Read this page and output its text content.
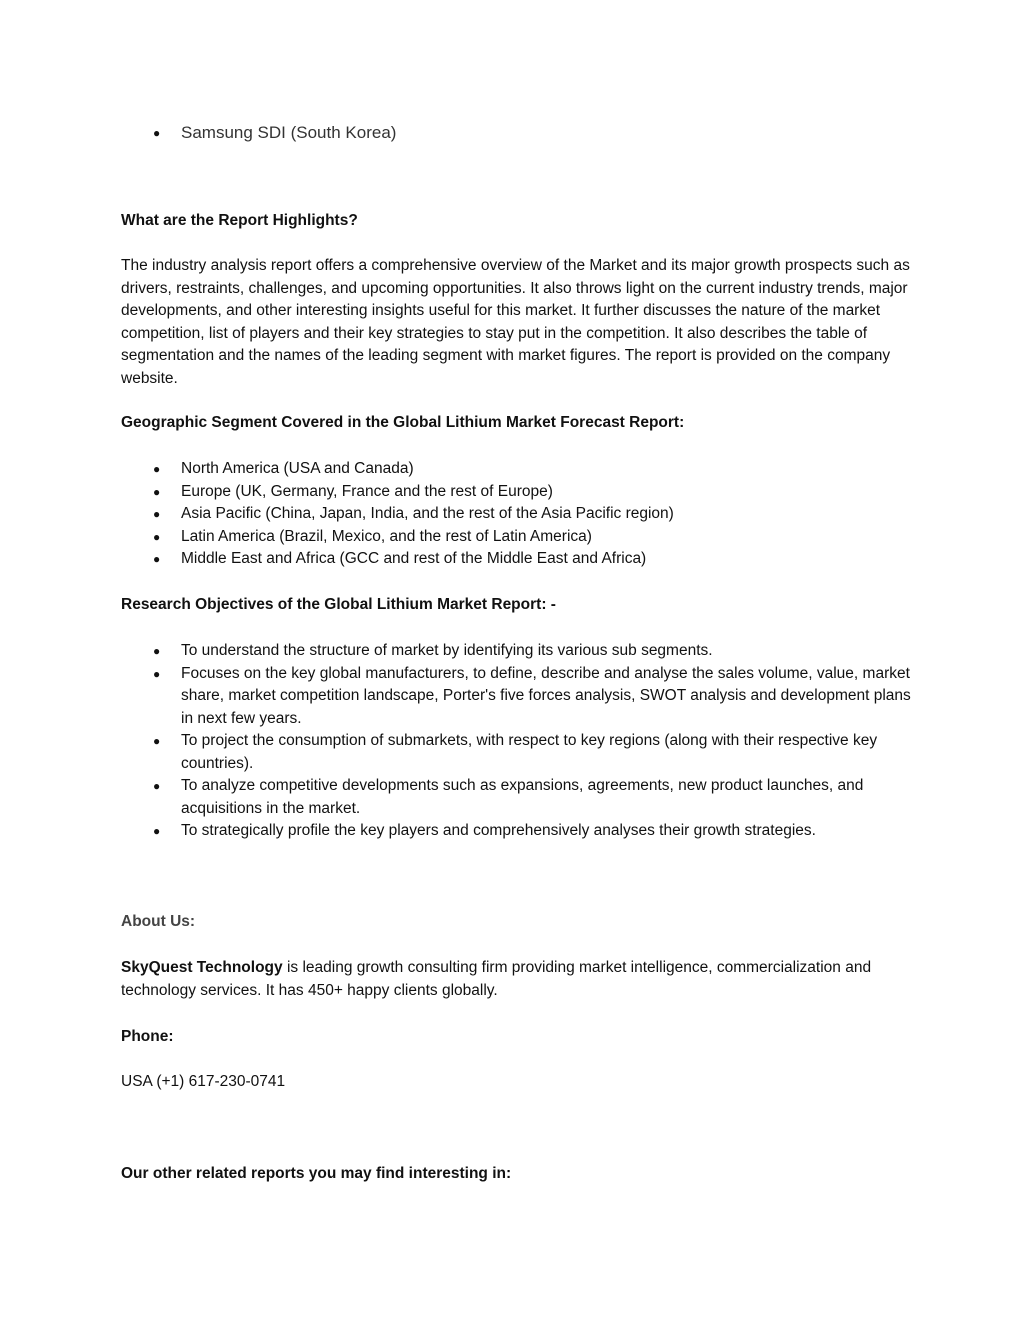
● Samsung SDI (South Korea)

What are the Report Highlights?

The industry analysis report offers a comprehensive overview of the Market and its major growth prospects such as drivers, restraints, challenges, and upcoming opportunities. It also throws light on the current industry trends, major developments, and other interesting insights useful for this market. It further discusses the nature of the market competition, list of players and their key strategies to stay put in the competition. It also describes the table of segmentation and the names of the leading segment with market figures. The report is provided on the company website.

Geographic Segment Covered in the Global Lithium Market Forecast Report:

● North America (USA and Canada)
● Europe (UK, Germany, France and the rest of Europe)
● Asia Pacific (China, Japan, India, and the rest of the Asia Pacific region)
● Latin America (Brazil, Mexico, and the rest of Latin America)
● Middle East and Africa (GCC and rest of the Middle East and Africa)

Research Objectives of the Global Lithium Market Report: -

● To understand the structure of market by identifying its various sub segments.
● Focuses on the key global manufacturers, to define, describe and analyse the sales volume, value, market share, market competition landscape, Porter's five forces analysis, SWOT analysis and development plans in next few years.
● To project the consumption of submarkets, with respect to key regions (along with their respective key countries).
● To analyze competitive developments such as expansions, agreements, new product launches, and acquisitions in the market.
● To strategically profile the key players and comprehensively analyses their growth strategies.

About Us:

SkyQuest Technology is leading growth consulting firm providing market intelligence, commercialization and technology services. It has 450+ happy clients globally.

Phone:

USA (+1) 617-230-0741

Our other related reports you may find interesting in:
